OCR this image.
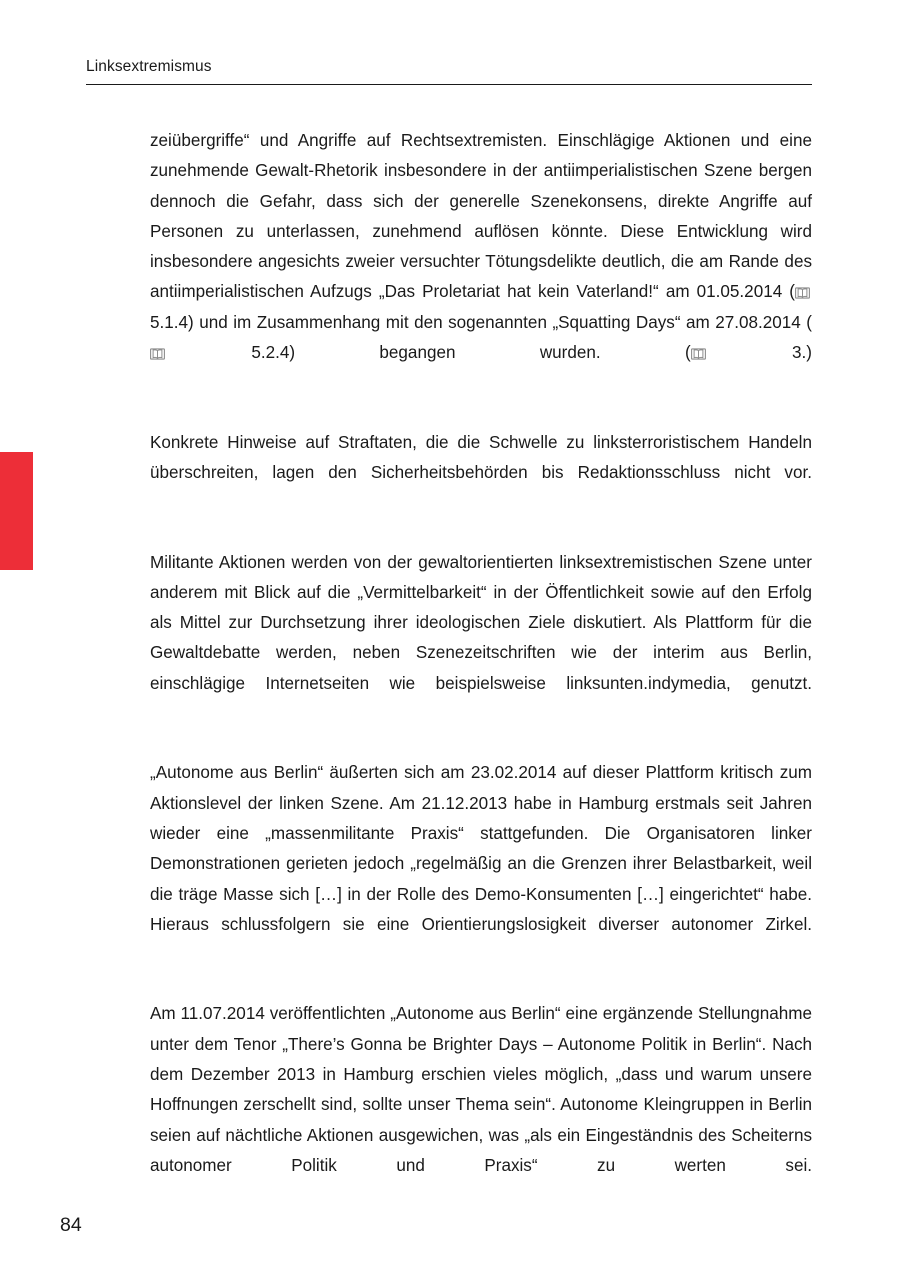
Linksextremismus

zeiübergriffe“ und Angriffe auf Rechtsextremisten. Einschlägige Aktionen und eine zunehmende Gewalt-Rhetorik insbesondere in der antiimperialistischen Szene bergen dennoch die Gefahr, dass sich der generelle Szenekonsens, direkte Angriffe auf Personen zu unterlassen, zunehmend auflösen könnte. Diese Entwicklung wird insbesondere angesichts zweier versuchter Tötungsdelikte deutlich, die am Rande des antiimperialistischen Aufzugs „Das Proletariat hat kein Vaterland!“ am 01.05.2014 (
5.1.4) und im Zusammenhang mit den sogenannten „Squatting Days“ am 27.08.2014 (
5.2.4) begangen wurden. (
3.)

Konkrete Hinweise auf Straftaten, die die Schwelle zu linksterroristischem Handeln überschreiten, lagen den Sicherheitsbehörden bis Redaktionsschluss nicht vor.

Militante Aktionen werden von der gewaltorientierten linksextremistischen Szene unter anderem mit Blick auf die „Vermittelbarkeit“ in der Öffentlichkeit sowie auf den Erfolg als Mittel zur Durchsetzung ihrer ideologischen Ziele diskutiert. Als Plattform für die Gewaltdebatte werden, neben Szenezeitschriften wie der interim aus Berlin, einschlägige Internetseiten wie beispielsweise linksunten.indymedia, genutzt.

„Autonome aus Berlin“ äußerten sich am 23.02.2014 auf dieser Plattform kritisch zum Aktionslevel der linken Szene. Am 21.12.2013 habe in Hamburg erstmals seit Jahren wieder eine „massenmilitante Praxis“ stattgefunden. Die Organisatoren linker Demonstrationen gerieten jedoch „regelmäßig an die Grenzen ihrer Belastbarkeit, weil die träge Masse sich […] in der Rolle des Demo-Konsumenten […] eingerichtet“ habe. Hieraus schlussfolgern sie eine Orientierungslosigkeit diverser autonomer Zirkel.

Am 11.07.2014 veröffentlichten „Autonome aus Berlin“ eine ergänzende Stellungnahme unter dem Tenor „There’s Gonna be Brighter Days – Autonome Politik in Berlin“. Nach dem Dezember 2013 in Hamburg erschien vieles möglich, „dass und warum unsere Hoffnungen zerschellt sind, sollte unser Thema sein“. Autonome Kleingruppen in Berlin seien auf nächtliche Aktionen ausgewichen, was „als ein Eingeständnis des Scheiterns autonomer Politik und Praxis“ zu werten sei.

84
